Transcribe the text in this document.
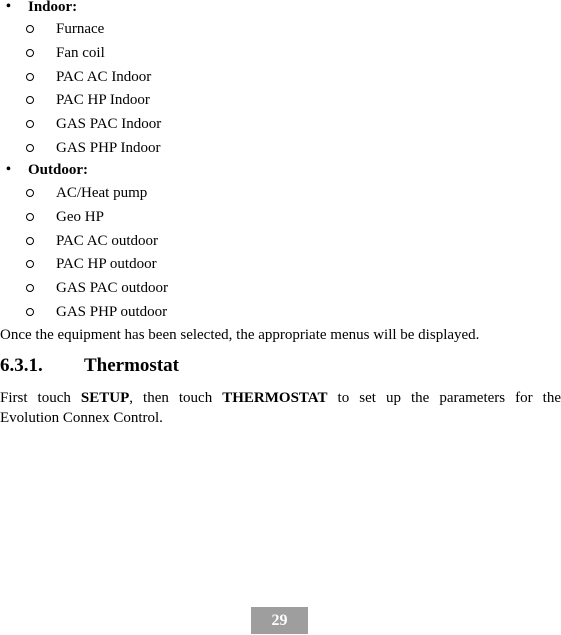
• Indoor:
Furnace
Fan coil
PAC AC Indoor
PAC HP Indoor
GAS PAC Indoor
GAS PHP Indoor
• Outdoor:
AC/Heat pump
Geo HP
PAC AC outdoor
PAC HP outdoor
GAS PAC outdoor
GAS PHP outdoor
Once the equipment has been selected, the appropriate menus will be displayed.
6.3.1. Thermostat
First touch SETUP, then touch THERMOSTAT to set up the parameters for the
Evolution Connex Control.
29
